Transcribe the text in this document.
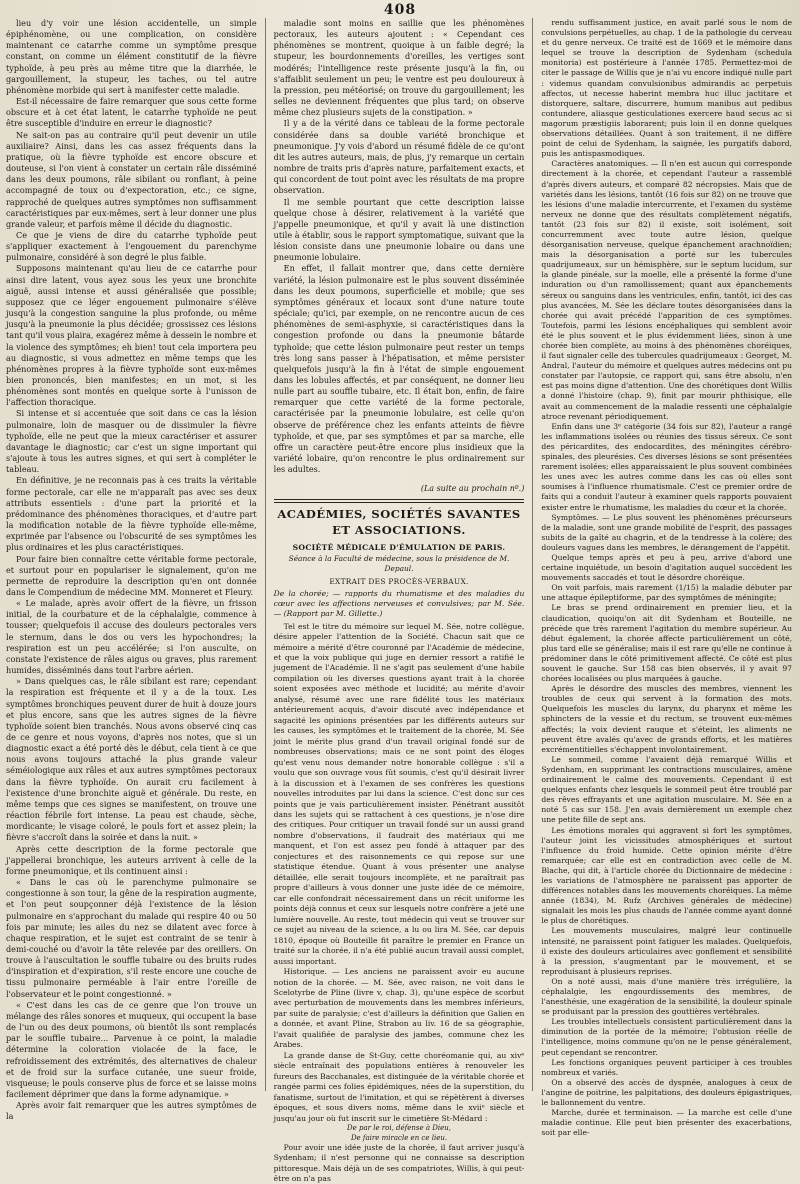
408

lieu d'y voir une lésion accidentelle, un simple épiphénomène, ou une complication, on considère maintenant ce catarrhe comme un symptôme presque constant, on comme un élément constitutif de la fièvre typhoïde, à peu près au même titre que la diarrhée, le gargouillement, la stupeur, les taches, ou tel autre phénomène morbide qui sert à manifester cette maladie.

Est-il nécessaire de faire remarquer que sous cette forme obscure et à cet état latent, le catarrhe typhoïde ne peut être susceptible d'induire en erreur le diagnostic?

Ne sait-on pas au contraire qu'il peut devenir un utile auxiliaire? Ainsi, dans les cas assez fréquents dans la pratique, où la fièvre typhoïde est encore obscure et douteuse, si l'on vient à constater un certain râle disséminé dans les deux poumons, râle sibilant ou ronflant, à peine accompagné de toux ou d'expectoration, etc.; ce signe, rapproché de quelques autres symptômes non suffisamment caractéristiques par eux-mêmes, sert à leur donner une plus grande valeur, et parfois même il décide du diagnostic.

Ce que je viens de dire du catarrhe typhoïde peut s'appliquer exactement à l'engouement du parenchyme pulmonaire, considéré à son degré le plus faible.

Supposons maintenant qu'au lieu de ce catarrhe pour ainsi dire latent, vous ayez sous les yeux une bronchite aiguë, aussi intense et aussi généralisée que possible; supposez que ce léger engouement pulmonaire s'élève jusqu'à la congestion sanguine la plus profonde, ou même jusqu'à la pneumonie la plus décidée; grossissez ces lésions tant qu'il vous plaira, exagérez même à dessein le nombre et la violence des symptômes; eh bien! tout cela importera peu au diagnostic, si vous admettez en même temps que les phénomènes propres à la fièvre typhoïde sont eux-mêmes bien prononcés, bien manifestes; en un mot, si les phénomènes sont montés en quelque sorte à l'unisson de l'affection thoracique.

Si intense et si accentuée que soit dans ce cas la lésion pulmonaire, loin de masquer ou de dissimuler la fièvre typhoïde, elle ne peut que la mieux caractériser et assurer davantage le diagnostic; car c'est un signe important qui s'ajoute à tous les autres signes, et qui sert à compléter le tableau.

En définitive, je ne reconnais pas à ces traits la véritable forme pectorale, car elle ne m'apparaît pas avec ses deux attributs essentiels : d'une part la priorité et la prédominance des phénomènes thoraciques, et d'autre part la modification notable de la fièvre typhoïde elle-même, exprimée par l'absence ou l'obscurité de ses symptômes les plus ordinaires et les plus caractéristiques.

Pour faire bien connaître cette véritable forme pectorale, et surtout pour en populariser le signalement, qu'on me permette de reproduire la description qu'en ont donnée dans le Compendium de médecine MM. Monneret et Fleury.

« Le malade, après avoir offert de la fièvre, un frisson initial, de la courbature et de la céphalalgie, commence à tousser; quelquefois il accuse des douleurs pectorales vers le sternum, dans le dos ou vers les hypochondres; la respiration est un peu accélérée; si l'on ausculte, on constate l'existence de râles aigus ou graves, plus rarement humides, disséminés dans tout l'arbre aérien.

» Dans quelques cas, le râle sibilant est rare; cependant la respiration est fréquente et il y a de la toux. Les symptômes bronchiques peuvent durer de huit à douze jours et plus encore, sans que les autres signes de la fièvre typhoïde soient bien tranchés. Nous avons observé cinq cas de ce genre et nous voyons, d'après nos notes, que si un diagnostic exact a été porté dès le début, cela tient à ce que nous avons toujours attaché la plus grande valeur séméiologique aux râles et aux autres symptômes pectoraux dans la fièvre typhoïde. On aurait cru facilement à l'existence d'une bronchite aiguë et générale. Du reste, en même temps que ces signes se manifestent, on trouve une réaction fébrile fort intense. La peau est chaude, sèche, mordicante; le visage coloré, le pouls fort et assez plein; la fièvre s'accroît dans la soirée et dans la nuit. »

Après cette description de la forme pectorale que j'appellerai bronchique, les auteurs arrivent à celle de la forme pneumonique, et ils continuent ainsi :

« Dans le cas où le parenchyme pulmonaire se congestionne à son tour, la gêne de la respiration augmente, et l'on peut soupçonner déjà l'existence de la lésion pulmonaire en s'approchant du malade qui respire 40 ou 50 fois par minute; les ailes du nez se dilatent avec force à chaque respiration, et le sujet est contraint de se tenir à demi-couché ou d'avoir la tête relevée par des oreillers. On trouve à l'auscultation le souffle tubaire ou des bruits rudes d'inspiration et d'expiration, s'il reste encore une couche de tissu pulmonaire perméable à l'air entre l'oreille de l'observateur et le point congestionné. »

« C'est dans les cas de ce genre que l'on trouve un mélange des râles sonores et muqueux, qui occupent la base de l'un ou des deux poumons, où bientôt ils sont remplacés par le souffle tubaire... Parvenue à ce point, la maladie détermine la coloration violacée de la face, le refroidissement des extrémités, des alternatives de chaleur et de froid sur la surface cutanée, une sueur froide, visqueuse; le pouls conserve plus de force et se laisse moins facilement déprimer que dans la forme adynamique. »

Après avoir fait remarquer que les autres symptômes de la

maladie sont moins en saillie que les phénomènes pectoraux, les auteurs ajoutent : « Cependant ces phénomènes se montrent, quoique à un faible degré; la stupeur, les bourdonnements d'oreilles, les vertiges sont modérés; l'intelligence reste présente jusqu'à la fin, ou s'affaiblit seulement un peu; le ventre est peu douloureux à la pression, peu météorisé; on trouve du gargouillement; les selles ne deviennent fréquentes que plus tard; on observe même chez plusieurs sujets de la constipation. »

Il y a de la vérité dans ce tableau de la forme pectorale considérée dans sa double variété bronchique et pneumonique. J'y vois d'abord un résumé fidèle de ce qu'ont dit les autres auteurs, mais, de plus, j'y remarque un certain nombre de traits pris d'après nature, parfaitement exacts, et qui concordent de tout point avec les résultats de ma propre observation.

Il me semble pourtant que cette description laisse quelque chose à désirer, relativement à la variété que j'appelle pneumonique, et qu'il y avait là une distinction utile à établir, sous le rapport symptomatique, suivant que la lésion consiste dans une pneumonie lobaire ou dans une pneumonie lobulaire.

En effet, il fallait montrer que, dans cette dernière variété, la lésion pulmonaire est le plus souvent disséminée dans les deux poumons, superficielle et mobile; que ses symptômes généraux et locaux sont d'une nature toute spéciale; qu'ici, par exemple, on ne rencontre aucun de ces phénomènes de semi-asphyxie, si caractéristiques dans la congestion profonde ou dans la pneumonie bâtarde typhoïde; que cette lésion pulmonaire peut rester un temps très long sans passer à l'hépatisation, et même persister quelquefois jusqu'à la fin à l'état de simple engouement dans les lobules affectés, et par conséquent, ne donner lieu nulle part au souffle tubaire, etc. Il était bon, enfin, de faire remarquer que cette variété de la forme pectorale, caractérisée par la pneumonie lobulaire, est celle qu'on observe de préférence chez les enfants atteints de fièvre typhoïde, et que, par ses symptômes et par sa marche, elle offre un caractère peut-être encore plus insidieux que la variété lobaire, qu'on rencontre le plus ordinairement sur les adultes.

(La suite au prochain nº.)
ACADÉMIES, SOCIÉTÉS SAVANTES ET ASSOCIATIONS.
SOCIÉTÉ MÉDICALE D'ÉMULATION DE PARIS.
Séance à la Faculté de médecine, sous la présidence de M. Depaul.
EXTRAIT DES PROCÈS-VERBAUX.

De la chorée; — rapports du rhumatisme et des maladies du cœur avec les affections nerveuses et convulsives; par M. Sée. — (Rapport par M. Gillette.)

Tel est le titre du mémoire sur lequel M. Sée, notre collègue, désire appeler l'attention de la Société. Chacun sait que ce mémoire a mérité d'être couronné par l'Académie de médecine, et que la voix publique qui juge en dernier ressort a ratifié le jugement de l'Académie. Il ne s'agit pas seulement d'une habile compilation où les diverses questions ayant trait à la chorée soient exposées avec méthode et lucidité; au mérite d'avoir analysé, résumé avec une rare fidélité tous les matériaux antérieurement acquis, d'avoir discuté avec indépendance et sagacité les opinions présentées par les différents auteurs sur les causes, les symptômes et le traitement de la chorée, M. Sée joint le mérite plus grand d'un travail original fondé sur de nombreuses observations; mais ce ne sont point des éloges qu'est venu nous demander notre honorable collègue : s'il a voulu que son ouvrage vous fût soumis, c'est qu'il désirait livrer à la discussion et à l'examen de ses confrères les questions nouvelles introduites par lui dans la science. C'est donc sur ces points que je vais particulièrement insister. Pénétrant aussitôt dans les sujets qui se rattachent à ces questions, je n'ose dire des critiques. Pour critiquer un travail fondé sur un aussi grand nombre d'observations, il faudrait des matériaux qui me manquent, et l'on est assez peu fondé à attaquer par des conjectures et des raisonnements ce qui repose sur une statistique étendue. Quant à vous présenter une analyse détaillée, elle serait toujours incomplète, et ne paraîtrait pas propre d'ailleurs à vous donner une juste idée de ce mémoire, car elle confondrait nécessairement dans un récit uniforme les points déjà connus et ceux sur lesquels notre confrère a jeté une lumière nouvelle. Au reste, tout médecin qui veut se trouver sur ce sujet au niveau de la science, a lu ou lira M. Sée, car depuis 1810, époque où Bouteille fit paraître le premier en France un traité sur la chorée, il n'a été publié aucun travail aussi complet, aussi important.

Historique. — Les anciens ne paraissent avoir eu aucune notion de la chorée. — M. Sée, avec raison, ne voit dans le Scelotyrbe de Pline (livre v, chap. 3), qu'une espèce de scorbut avec perturbation de mouvements dans les membres inférieurs, par suite de paralysie; c'est d'ailleurs la définition que Galien en a donnée, et avant Pline, Strabon au liv. 16 de sa géographie, l'avait qualifiée de paralysie des jambes, commune chez les Arabes.

La grande danse de St-Guy, cette choréomanie qui, au xivᵉ siècle entraînait des populations entières à renouveler les fureurs des Bacchanales, est distinguée de la véritable chorée et rangée parmi ces folies épidémiques, nées de la superstition, du fanatisme, surtout de l'imitation, et qui se répètèrent à diverses époques, et sous divers noms, même dans le xviiᵉ siècle et jusqu'au jour où fut inscrit sur le cimetière St-Médard :

De par le roi, défense à Dieu,

De faire miracle en ce lieu.

Pour avoir une idée juste de la chorée, il faut arriver jusqu'à Sydenham; il n'est personne qui ne connaisse sa description pittoresque. Mais déjà un de ses compatriotes, Willis, à qui peut-être on n'a pas

rendu suffisamment justice, en avait parlé sous le nom de convulsions perpétuelles, au chap. 1 de la pathologie du cerveau et du genre nerveux. Ce traité est de 1669 et le mémoire dans lequel se trouve la description de Sydenham (schedula monitoria) est postérieure à l'année 1785. Permettez-moi de citer le passage de Willis que je n'ai vu encore indiqué nulle part : videmus quandam convulsionibus admirandis ac perpetuis affectos, ut necesse haberint membra huc illuc jactitare et distorquere, saltare, discurrere, humum manibus aut pedibus contundere, aliasque gesticulationes exercere haud secus ac si magorum præstigiis laborarent; puis loin il en donne quelques observations détaillées. Quant à son traitement, il ne diffère point de celui de Sydenham, la saignée, les purgatifs dabord, puis les antispasmodiques.

Caractères anatomiques. — Il n'en est aucun qui corresponde directement à la chorée, et cependant l'auteur a rassemblé d'après divers auteurs, et comparé 82 nécropsies. Mais que de variétés dans les lésions, tantôt (16 fois sur 82) on ne trouve que les lésions d'une maladie intercurrente, et l'examen du système nerveux ne donne que des résultats complètement négatifs, tantôt (23 fois sur 82) il existe, soit isolément, soit concurremment avec toute autre lésion, quelque désorganisation nerveuse, quelque épanchement arachnoïdien; mais la désorganisation a porté sur les tubercules quadrijumeaux, sur un hémisphère, sur le septum lucidum, sur la glande pinéale, sur la moelle, elle a présenté la forme d'une induration ou d'un ramollissement; quant aux épanchements séreux ou sanguins dans les ventricules, enfin, tantôt, ici des cas plus avancées, M. Sée les déclare toutes désorganisées dans la chorée qui avait précédé l'apparition de ces symptômes. Toutefois, parmi les lésions encéphaliques qui semblent avoir été le plus souvent et le plus évidemment liées, sinon à une chorée bien complète, au moins à des phénomènes choréiques, il faut signaler celle des tubercules quadrijumeaux : Georget, M. Andral, l'auteur du mémoire et quelques autres médecins ont pu constater par l'autopsie, ce rapport qui, sans être absolu, n'en est pas moins digne d'attention. Une des chorétiques dont Willis a donné l'histoire (chap. 9), finit par mourir phthisique, elle avait au commencement de la maladie ressenti une céphalalgie atroce revenant périodiquement.

Enfin dans une 3ᵉ catégorie (34 fois sur 82), l'auteur a rangé les inflammations isolées ou réunies des tissus séreux. Ce sont des péricardites, des endocardites, des méningites cérébro-spinales, des pleurésies. Ces diverses lésions se sont présentées rarement isolées; elles apparaissaient le plus souvent combinées les unes avec les autres comme dans les cas où elles sont soumises à l'influence rhumatismale. C'est ce premier ordre de faits qui a conduit l'auteur à examiner quels rapports pouvaient exister entre le rhumatisme, les maladies du cœur et la chorée.

Symptômes. — Le plus souvent les phénomènes précurseurs de la maladie, sont une grande mobilité de l'esprit, des passages subits de la gaîté au chagrin, et de la tendresse à la colère; des douleurs vagues dans les membres, le dérangement de l'appétit.

Quelque temps après et peu à peu, arrive d'abord une certaine inquiétude, un besoin d'agitation auquel succèdent les mouvements saccadés et tout le désordre choréique.

On voit parfois, mais rarement (1/15) la maladie débuter par une attaque épileptiforme, par des symptômes de méningite;

Le bras se prend ordinairement en premier lieu, et la claudication, quoiqu'on ait dit Sydenham et Bouteille, ne précède que très rarement l'agitation du membre supérieur. Au début également, la chorée affecte particulièrement un côté, plus tard elle se généralise; mais il est rare qu'elle ne continue à prédominer dans le côté primitivement affecté. Ce côté est plus souvent le gauche. Sur 158 cas bien observés, il y avait 97 chorées localisées ou plus marquées à gauche.

Après le désordre des muscles des membres, viennent les troubles de ceux qui servent à la formation des mots. Quelquefois les muscles du larynx, du pharynx et même les sphincters de la vessie et du rectum, se trouvent eux-mêmes affectés; la voix devient rauque et s'éteint, les aliments ne peuvent être avalés qu'avec de grands efforts, et les matières excrémentitielles s'échappent involontairement.

Le sommeil, comme l'avaient déjà remarqué Willis et Sydenham, en supprimant les contractions musculaires, amène ordinairement le calme des mouvements. Cependant il est quelques enfants chez lesquels le sommeil peut être troublé par des rêves effrayants et une agitation musculaire. M. Sée en a noté 5 cas sur 158. J'en avais dernièrement un exemple chez une petite fille de sept ans.

Les émotions morales qui aggravent si fort les symptômes, l'auteur joint les vicissitudes atmosphériques et surtout l'influence du froid humide. Cette opinion mérite d'être remarquée; car elle est en contradiction avec celle de M. Blache, qui dit, à l'article chorée du Dictionnaire de médecine : les variations de l'atmosphère ne paraissent pas apporter de différences notables dans les mouvements choréiques. La même année (1834), M. Rufz (Archives générales de médecine) signalait les mois les plus chauds de l'année comme ayant donné le plus de chorétiques.

Les mouvements musculaires, malgré leur continuelle intensité, ne paraissent point fatiguer les malades. Quelquefois, il existe des douleurs articulaires avec gonflement et sensibilité à la pression, s'augmentant par le mouvement, et se reproduisant à plusieurs reprises.

On a noté aussi, mais d'une manière très irrégulière, la céphalalgie, les engourdissements des membres, de l'anesthésie, une exagération de la sensibilité, la douleur spinale se produisant par la pression des gouttières vertébrales.

Les troubles intellectuels consistent particulièrement dans la diminution de la portée de la mémoire; l'obtusion réelle de l'intelligence, moins commune qu'on ne le pense généralement, peut cependant se rencontrer.

Les fonctions organiques peuvent participer à ces troubles nombreux et variés.

On a observé des accès de dyspnée, analogues à ceux de l'angine de poitrine, les palpitations, des douleurs épigastriques, le ballonnement du ventre.

Marche, durée et terminaison. — La marche est celle d'une maladie continue. Elle peut bien présenter des exacerbations, soit par elle-
